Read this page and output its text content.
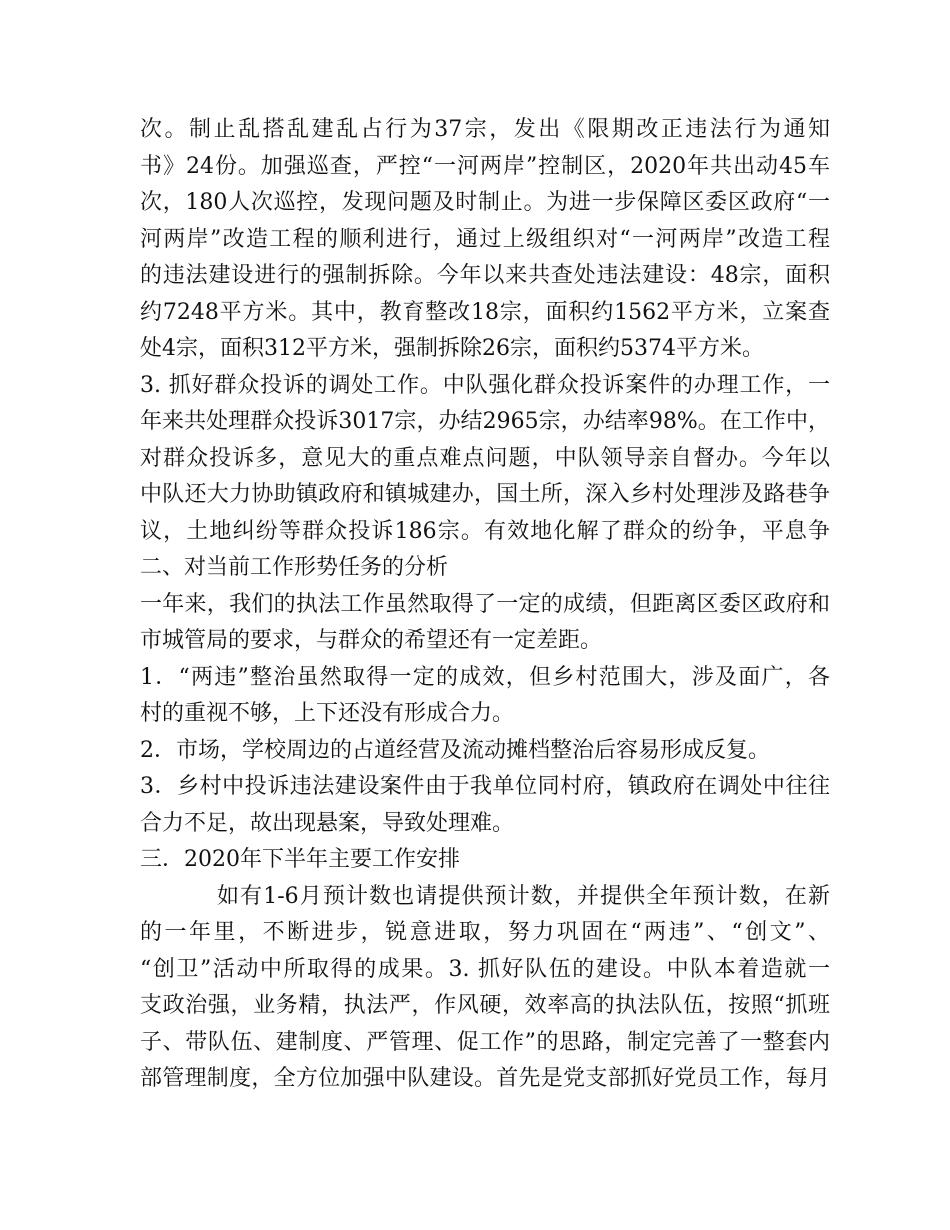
次。制止乱搭乱建乱占行为37宗，发出《限期改正违法行为通知
书》24份。加强巡查，严控“一河两岸”控制区，2020年共出动45车
次，180人次巡控，发现问题及时制止。为进一步保障区委区政府“一
河两岸”改造工程的顺利进行，通过上级组织对“一河两岸”改造工程
的违法建设进行的强制拆除。今年以来共查处违法建设：48宗，面积
约7248平方米。其中，教育整改18宗，面积约1562平方米，立案查
处4宗，面积312平方米，强制拆除26宗，面积约5374平方米。
3. 抓好群众投诉的调处工作。中队强化群众投诉案件的办理工作，一
年来共处理群众投诉3017宗，办结2965宗，办结率98%。在工作中，
对群众投诉多，意见大的重点难点问题，中队领导亲自督办。今年以
中队还大力协助镇政府和镇城建办，国土所，深入乡村处理涉及路巷争
议，土地纠纷等群众投诉186宗。有效地化解了群众的纷争，平息争
二、对当前工作形势任务的分析
一年来，我们的执法工作虽然取得了一定的成绩，但距离区委区政府和
市城管局的要求，与群众的希望还有一定差距。
1．“两违”整治虽然取得一定的成效，但乡村范围大，涉及面广，各
村的重视不够，上下还没有形成合力。
2．市场，学校周边的占道经营及流动摊档整治后容易形成反复。
3．乡村中投诉违法建设案件由于我单位同村府，镇政府在调处中往往
合力不足，故出现悬案，导致处理难。
三．2020年下半年主要工作安排
如有1-6月预计数也请提供预计数，并提供全年预计数，在新
的一年里，不断进步，锐意进取，努力巩固在“两违”、“创文”、
“创卫”活动中所取得的成果。3. 抓好队伍的建设。中队本着造就一
支政治强，业务精，执法严，作风硬，效率高的执法队伍，按照“抓班
子、带队伍、建制度、严管理、促工作”的思路，制定完善了一整套内
部管理制度，全方位加强中队建设。首先是党支部抓好党员工作，每月
